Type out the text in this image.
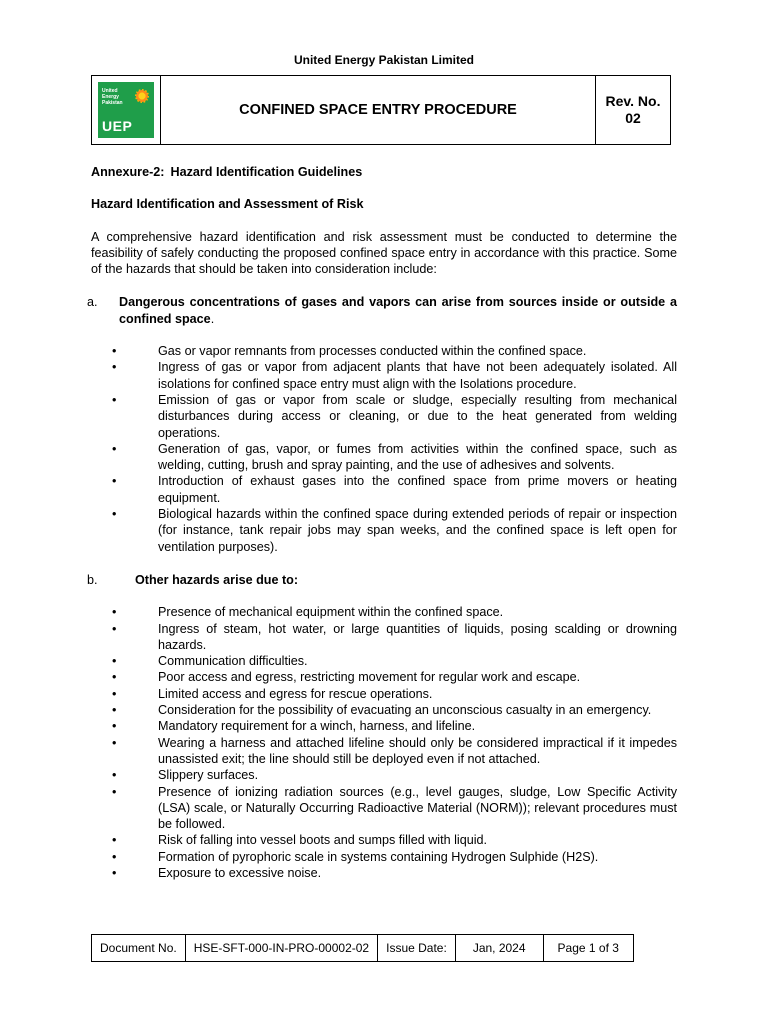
United Energy Pakistan Limited
United
Energy
Pakistan
UEP
	CONFINED SPACE ENTRY PROCEDURE	
Rev. No.
02

Annexure-2: Hazard Identification Guidelines

Hazard Identification and Assessment of Risk

A comprehensive hazard identification and risk assessment must be conducted to determine the feasibility of safely conducting the proposed confined space entry in accordance with this practice. Some of the hazards that should be taken into consideration include:

a. Dangerous concentrations of gases and vapors can arise from sources inside or outside a confined space.
•	Gas or vapor remnants from processes conducted within the confined space.
•	Ingress of gas or vapor from adjacent plants that have not been adequately isolated. All isolations for confined space entry must align with the Isolations procedure.
•	Emission of gas or vapor from scale or sludge, especially resulting from mechanical disturbances during access or cleaning, or due to the heat generated from welding operations.
•	Generation of gas, vapor, or fumes from activities within the confined space, such as welding, cutting, brush and spray painting, and the use of adhesives and solvents.
•	Introduction of exhaust gases into the confined space from prime movers or heating equipment.
•	Biological hazards within the confined space during extended periods of repair or inspection (for instance, tank repair jobs may span weeks, and the confined space is left open for ventilation purposes).
b.	Other hazards arise due to:
•	Presence of mechanical equipment within the confined space.
•	Ingress of steam, hot water, or large quantities of liquids, posing scalding or drowning hazards.
•	Communication difficulties.
•	Poor access and egress, restricting movement for regular work and escape.
•	Limited access and egress for rescue operations.
•	Consideration for the possibility of evacuating an unconscious casualty in an emergency.
•	Mandatory requirement for a winch, harness, and lifeline.
•	Wearing a harness and attached lifeline should only be considered impractical if it impedes unassisted exit; the line should still be deployed even if not attached.
•	Slippery surfaces.
•	Presence of ionizing radiation sources (e.g., level gauges, sludge, Low Specific Activity (LSA) scale, or Naturally Occurring Radioactive Material (NORM)); relevant procedures must be followed.
•	Risk of falling into vessel boots and sumps filled with liquid.
•	Formation of pyrophoric scale in systems containing Hydrogen Sulphide (H2S).
•	Exposure to excessive noise.
Document No.	HSE-SFT-000-IN-PRO-00002-02	Issue Date:	Jan, 2024	Page 1 of 3
